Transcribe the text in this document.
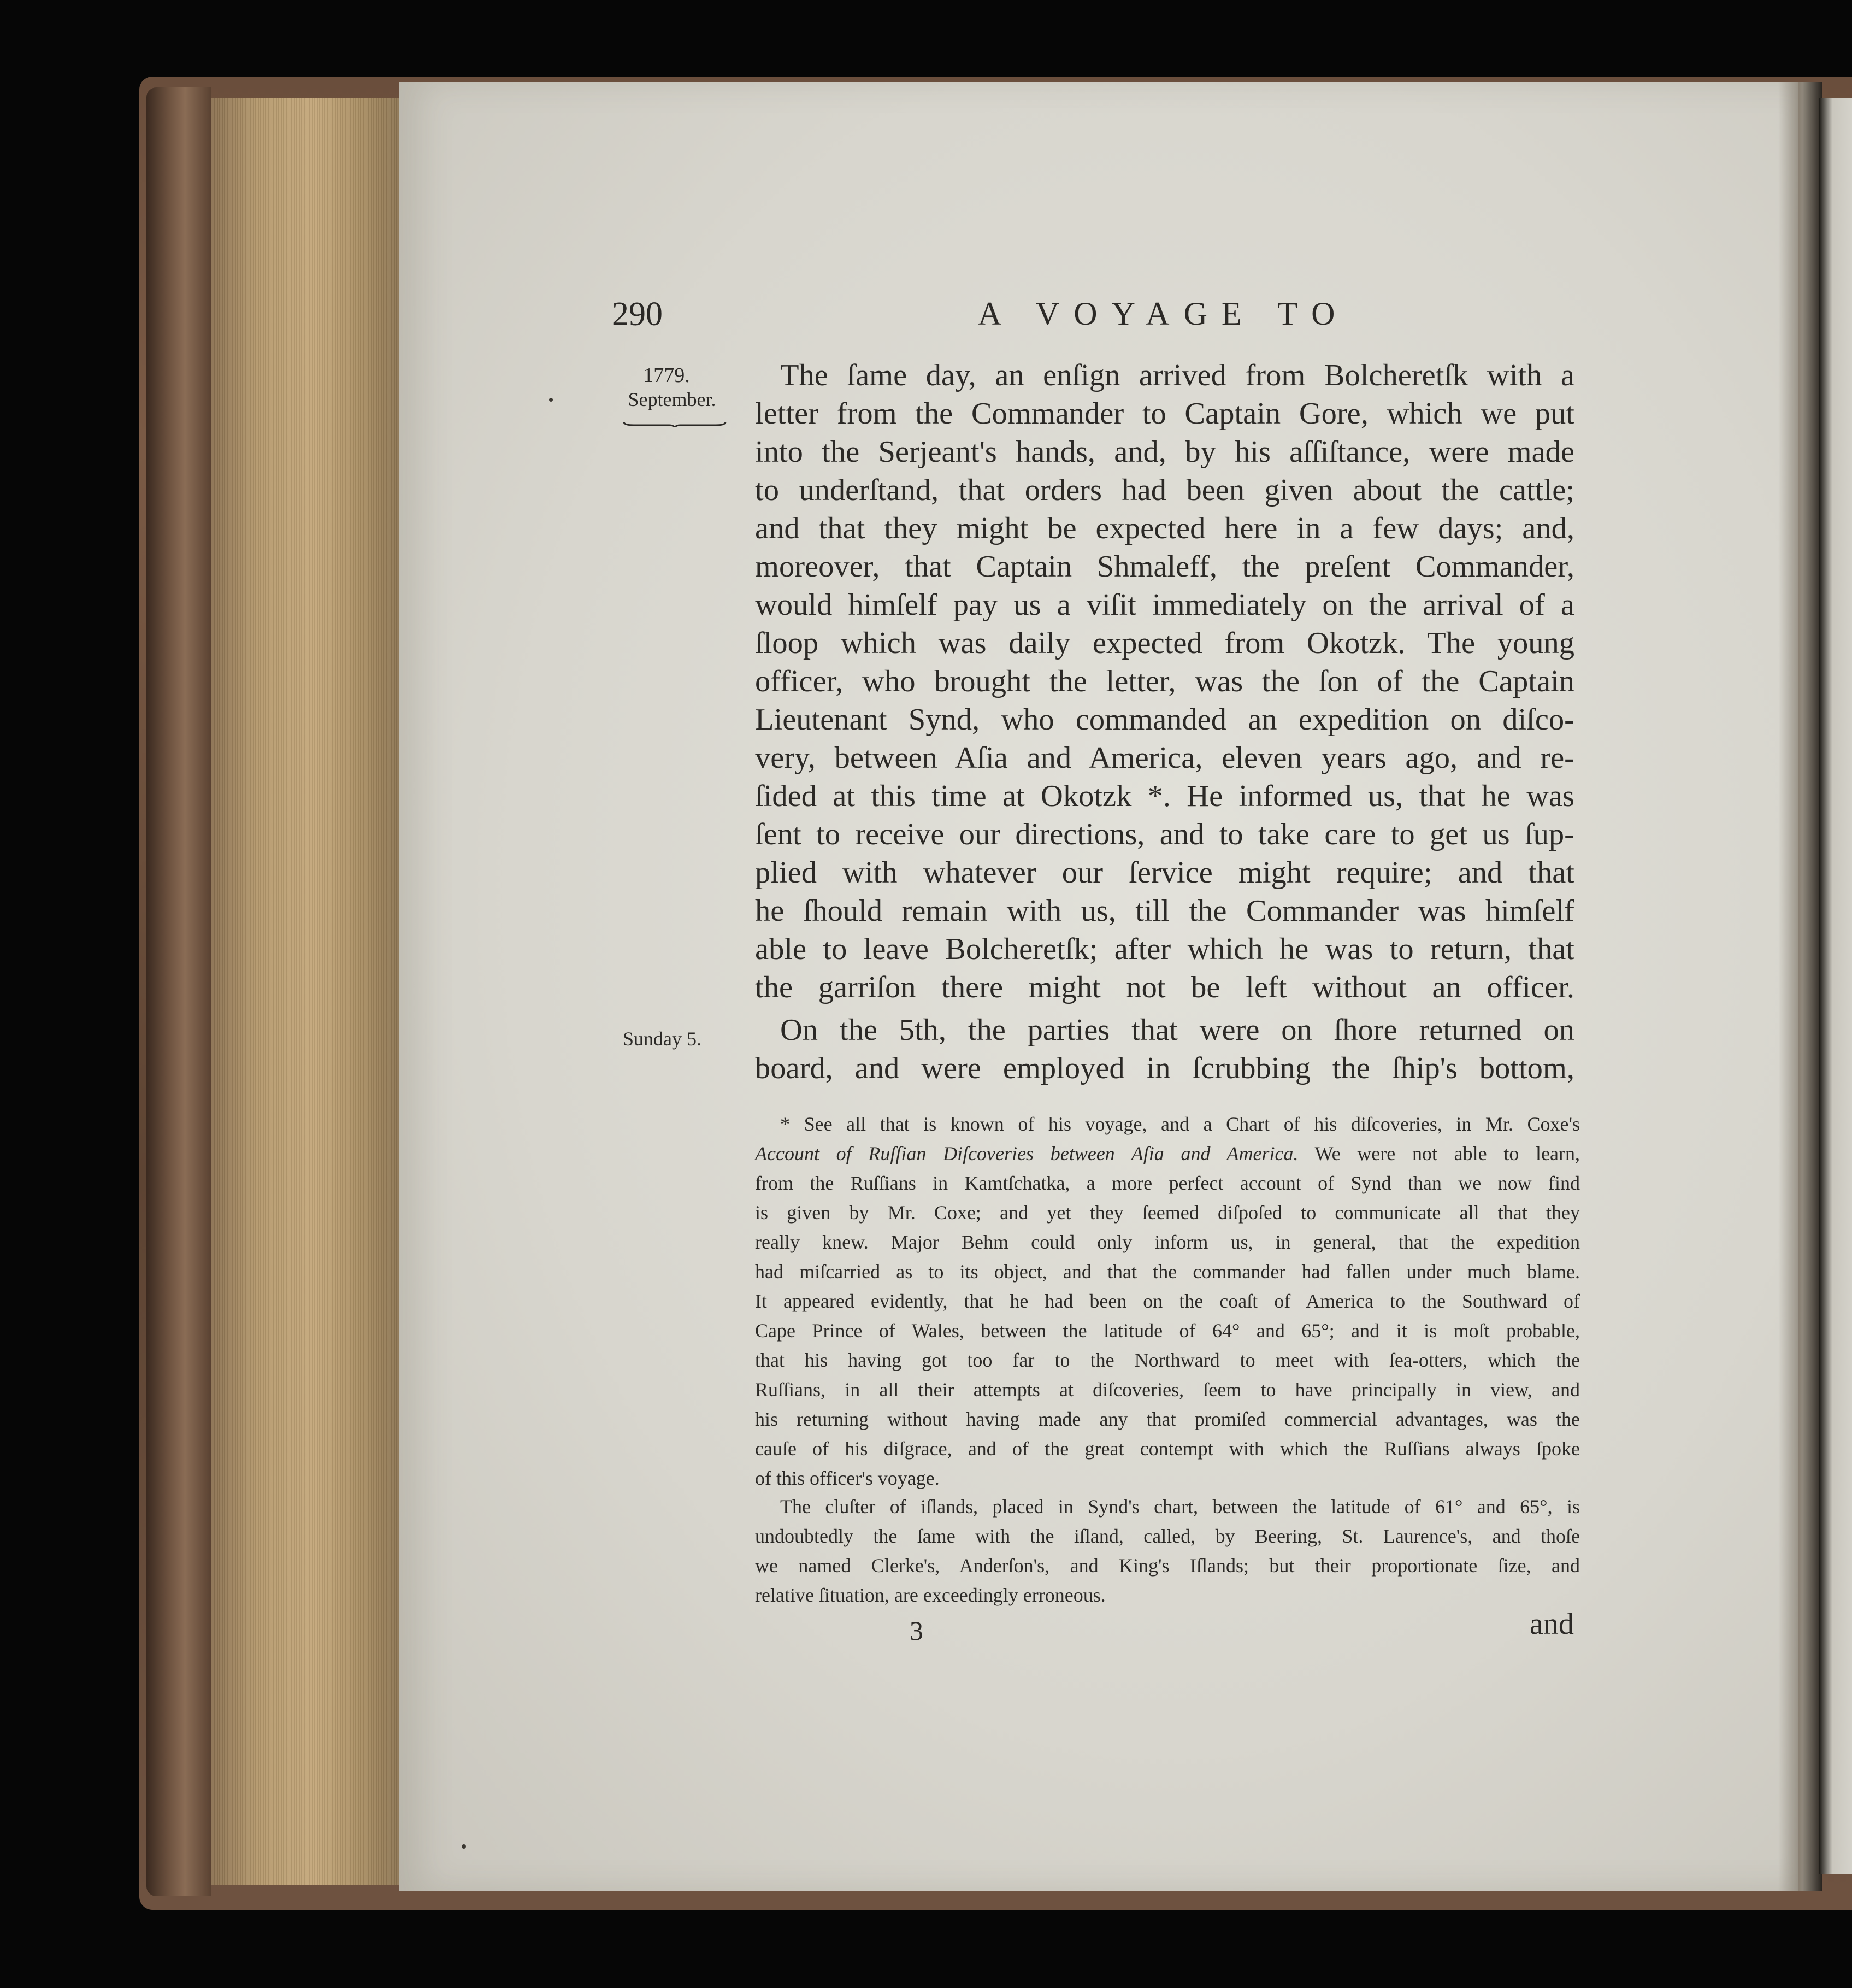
290	A VOYAGE TO
1779.
September.
Sunday 5.
The ſame day, an enſign arrived from Bolcheretſk with a
letter from the Commander to Captain Gore, which we put
into the Serjeant's hands, and, by his aſſiſtance, were made
to underſtand, that orders had been given about the cattle;
and that they might be expected here in a few days; and,
moreover, that Captain Shmaleff, the preſent Commander,
would himſelf pay us a viſit immediately on the arrival of a
ſloop which was daily expected from Okotzk. The young
officer, who brought the letter, was the ſon of the Captain
Lieutenant Synd, who commanded an expedition on diſco-
very, between Aſia and America, eleven years ago, and re-
ſided at this time at Okotzk *. He informed us, that he was
ſent to receive our directions, and to take care to get us ſup-
plied with whatever our ſervice might require; and that
he ſhould remain with us, till the Commander was himſelf
able to leave Bolcheretſk; after which he was to return, that
the garriſon there might not be left without an officer.
On the 5th, the parties that were on ſhore returned on
board, and were employed in ſcrubbing the ſhip's bottom,
* See all that is known of his voyage, and a Chart of his diſcoveries, in Mr. Coxe's
Account of Ruſſian Diſcoveries between Aſia and America. We were not able to learn,
from the Ruſſians in Kamtſchatka, a more perfect account of Synd than we now find
is given by Mr. Coxe; and yet they ſeemed diſpoſed to communicate all that they
really knew. Major Behm could only inform us, in general, that the expedition
had miſcarried as to its object, and that the commander had fallen under much blame.
It appeared evidently, that he had been on the coaſt of America to the Southward of
Cape Prince of Wales, between the latitude of 64° and 65°; and it is moſt probable,
that his having got too far to the Northward to meet with ſea-otters, which the
Ruſſians, in all their attempts at diſcoveries, ſeem to have principally in view, and
his returning without having made any that promiſed commercial advantages, was the
cauſe of his diſgrace, and of the great contempt with which the Ruſſians always ſpoke
of this officer's voyage.
The cluſter of iſlands, placed in Synd's chart, between the latitude of 61° and 65°, is
undoubtedly the ſame with the iſland, called, by Beering, St. Laurence's, and thoſe
we named Clerke's, Anderſon's, and King's Iſlands; but their proportionate ſize, and
relative ſituation, are exceedingly erroneous.
3	and
